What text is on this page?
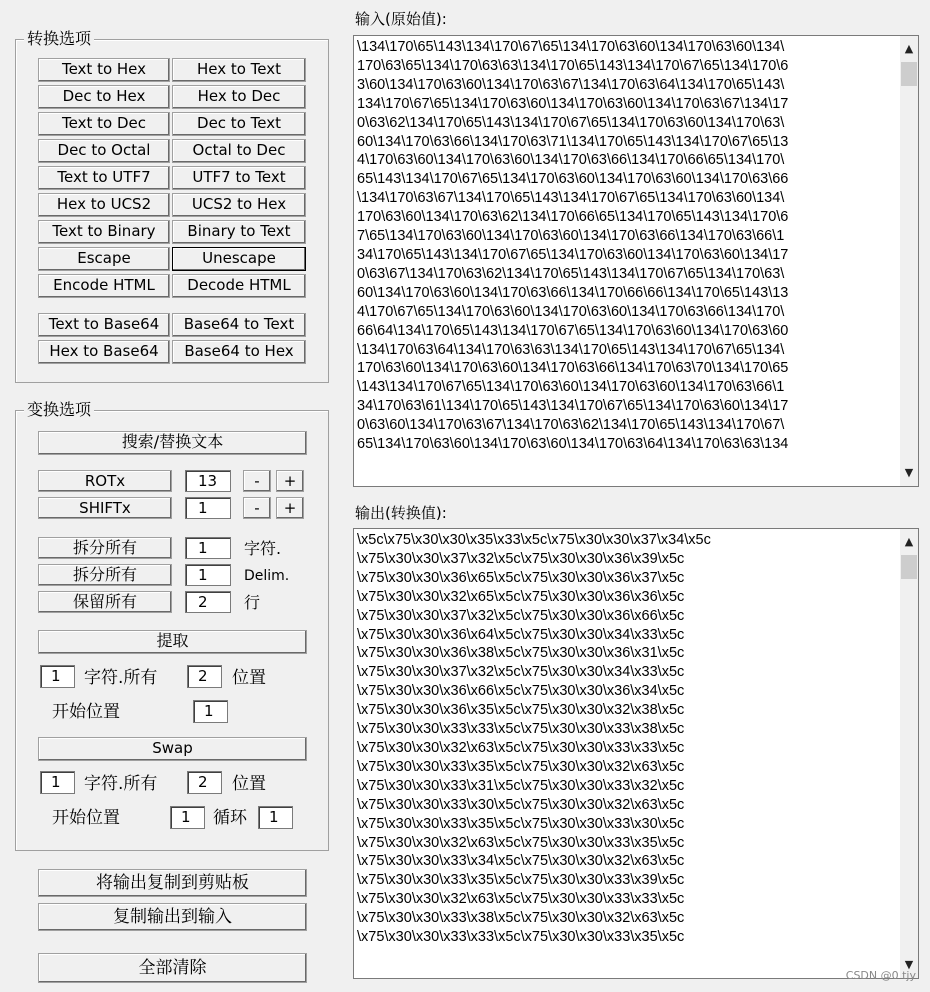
转换选项
Text to Hex	Hex to Text
Dec to Hex	Hex to Dec
Text to Dec	Dec to Text
Dec to Octal	Octal to Dec
Text to UTF7	UTF7 to Text
Hex to UCS2	UCS2 to Hex
Text to Binary	Binary to Text
Escape	Unescape
Encode HTML	Decode HTML
Text to Base64	Base64 to Text
Hex to Base64	Base64 to Hex
变换选项
搜索/替换文本
ROTx	13	-	+
SHIFTx	1	-	+
拆分所有	1	字符.
拆分所有	1	Delim.
保留所有	2	行
提取
1	字符.所有	2	位置
开始位置	1
Swap
1	字符.所有	2	位置
开始位置	1	循环	1
将输出复制到剪贴板
复制输出到输入
全部清除
输入(原始值):
\134\170\65\143\134\170\67\65\134\170\63\60\134\170\63\60\134\
170\63\65\134\170\63\63\134\170\65\143\134\170\67\65\134\170\6
3\60\134\170\63\60\134\170\63\67\134\170\63\64\134\170\65\143\
134\170\67\65\134\170\63\60\134\170\63\60\134\170\63\67\134\17
0\63\62\134\170\65\143\134\170\67\65\134\170\63\60\134\170\63\
60\134\170\63\66\134\170\63\71\134\170\65\143\134\170\67\65\13
4\170\63\60\134\170\63\60\134\170\63\66\134\170\66\65\134\170\
65\143\134\170\67\65\134\170\63\60\134\170\63\60\134\170\63\66
\134\170\63\67\134\170\65\143\134\170\67\65\134\170\63\60\134\
170\63\60\134\170\63\62\134\170\66\65\134\170\65\143\134\170\6
7\65\134\170\63\60\134\170\63\60\134\170\63\66\134\170\63\66\1
34\170\65\143\134\170\67\65\134\170\63\60\134\170\63\60\134\17
0\63\67\134\170\63\62\134\170\65\143\134\170\67\65\134\170\63\
60\134\170\63\60\134\170\63\66\134\170\66\66\134\170\65\143\13
4\170\67\65\134\170\63\60\134\170\63\60\134\170\63\66\134\170\
66\64\134\170\65\143\134\170\67\65\134\170\63\60\134\170\63\60
\134\170\63\64\134\170\63\63\134\170\65\143\134\170\67\65\134\
170\63\60\134\170\63\60\134\170\63\66\134\170\63\70\134\170\65
\143\134\170\67\65\134\170\63\60\134\170\63\60\134\170\63\66\1
34\170\63\61\134\170\65\143\134\170\67\65\134\170\63\60\134\17
0\63\60\134\170\63\67\134\170\63\62\134\170\65\143\134\170\67\
65\134\170\63\60\134\170\63\60\134\170\63\64\134\170\63\63\134
▲
▼
输出(转换值):
\x5c\x75\x30\x30\x35\x33\x5c\x75\x30\x30\x37\x34\x5c
\x75\x30\x30\x37\x32\x5c\x75\x30\x30\x36\x39\x5c
\x75\x30\x30\x36\x65\x5c\x75\x30\x30\x36\x37\x5c
\x75\x30\x30\x32\x65\x5c\x75\x30\x30\x36\x36\x5c
\x75\x30\x30\x37\x32\x5c\x75\x30\x30\x36\x66\x5c
\x75\x30\x30\x36\x64\x5c\x75\x30\x30\x34\x33\x5c
\x75\x30\x30\x36\x38\x5c\x75\x30\x30\x36\x31\x5c
\x75\x30\x30\x37\x32\x5c\x75\x30\x30\x34\x33\x5c
\x75\x30\x30\x36\x66\x5c\x75\x30\x30\x36\x34\x5c
\x75\x30\x30\x36\x35\x5c\x75\x30\x30\x32\x38\x5c
\x75\x30\x30\x33\x33\x5c\x75\x30\x30\x33\x38\x5c
\x75\x30\x30\x32\x63\x5c\x75\x30\x30\x33\x33\x5c
\x75\x30\x30\x33\x35\x5c\x75\x30\x30\x32\x63\x5c
\x75\x30\x30\x33\x31\x5c\x75\x30\x30\x33\x32\x5c
\x75\x30\x30\x33\x30\x5c\x75\x30\x30\x32\x63\x5c
\x75\x30\x30\x33\x35\x5c\x75\x30\x30\x33\x30\x5c
\x75\x30\x30\x32\x63\x5c\x75\x30\x30\x33\x35\x5c
\x75\x30\x30\x33\x34\x5c\x75\x30\x30\x32\x63\x5c
\x75\x30\x30\x33\x35\x5c\x75\x30\x30\x33\x39\x5c
\x75\x30\x30\x32\x63\x5c\x75\x30\x30\x33\x33\x5c
\x75\x30\x30\x33\x38\x5c\x75\x30\x30\x32\x63\x5c
\x75\x30\x30\x33\x33\x5c\x75\x30\x30\x33\x35\x5c
▲
▼
CSDN @0 tjy
